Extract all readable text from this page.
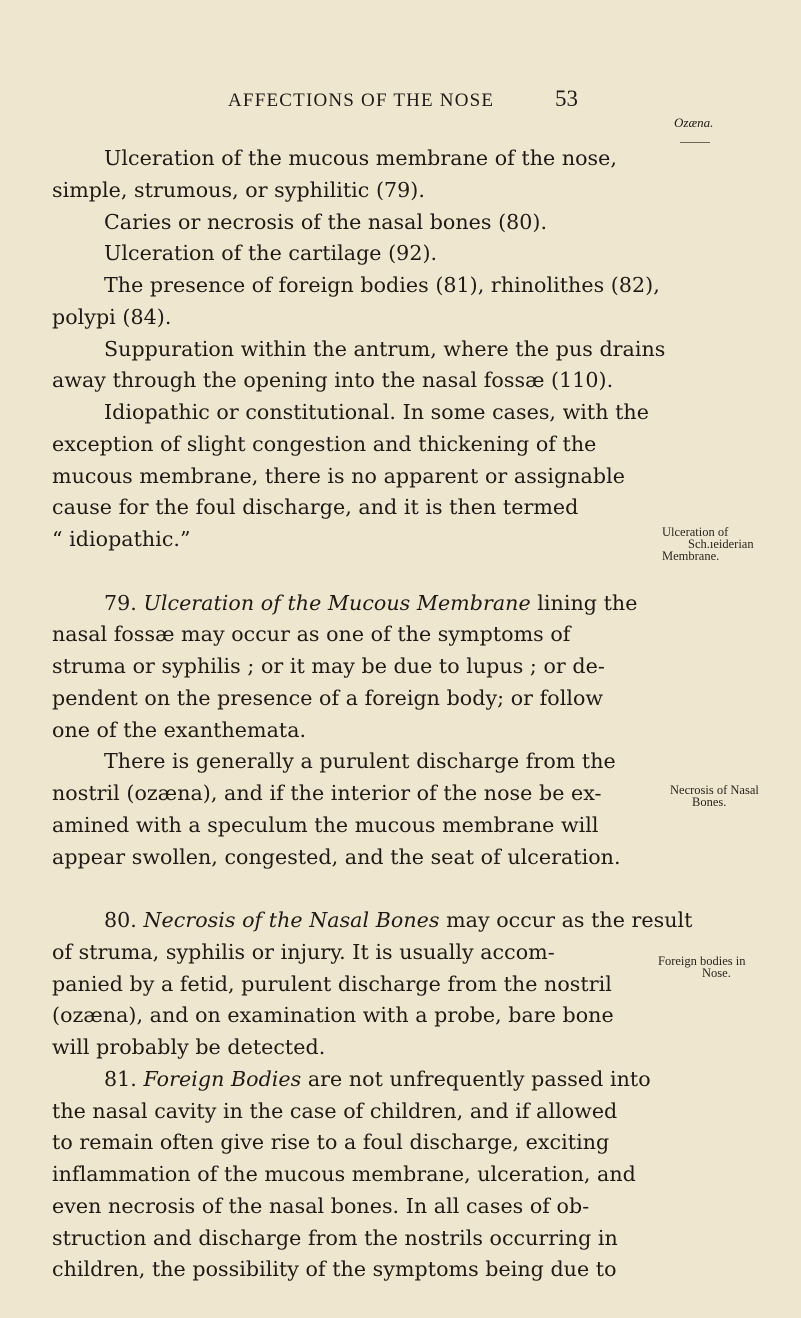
AFFECTIONS OF THE NOSE	53
Ozæna.
Ulceration of the mucous membrane of the nose,
simple, strumous, or syphilitic (79).
Caries or necrosis of the nasal bones (80).
Ulceration of the cartilage (92).
The presence of foreign bodies (81), rhinolithes (82),
polypi (84).
Suppuration within the antrum, where the pus drains
away through the opening into the nasal fossæ (110).
Idiopathic or constitutional. In some cases, with the
exception of slight congestion and thickening of the
mucous membrane, there is no apparent or assignable
cause for the foul discharge, and it is then termed
“ idiopathic.”
79. Ulceration of the Mucous Membrane lining the
nasal fossæ may occur as one of the symptoms of
struma or syphilis ; or it may be due to lupus ; or de-
pendent on the presence of a foreign body; or follow
one of the exanthemata.
There is generally a purulent discharge from the
nostril (ozæna), and if the interior of the nose be ex-
amined with a speculum the mucous membrane will
appear swollen, congested, and the seat of ulceration.
80. Necrosis of the Nasal Bones may occur as the result
of struma, syphilis or injury. It is usually accom-
panied by a fetid, purulent discharge from the nostril
(ozæna), and on examination with a probe, bare bone
will probably be detected.
81. Foreign Bodies are not unfrequently passed into
the nasal cavity in the case of children, and if allowed
to remain often give rise to a foul discharge, exciting
inflammation of the mucous membrane, ulceration, and
even necrosis of the nasal bones. In all cases of ob-
struction and discharge from the nostrils occurring in
children, the possibility of the symptoms being due to
Ulceration of
Sch.ıeiderian
Membrane.
Necrosis of Nasal
Bones.
Foreign bodies in
Nose.
